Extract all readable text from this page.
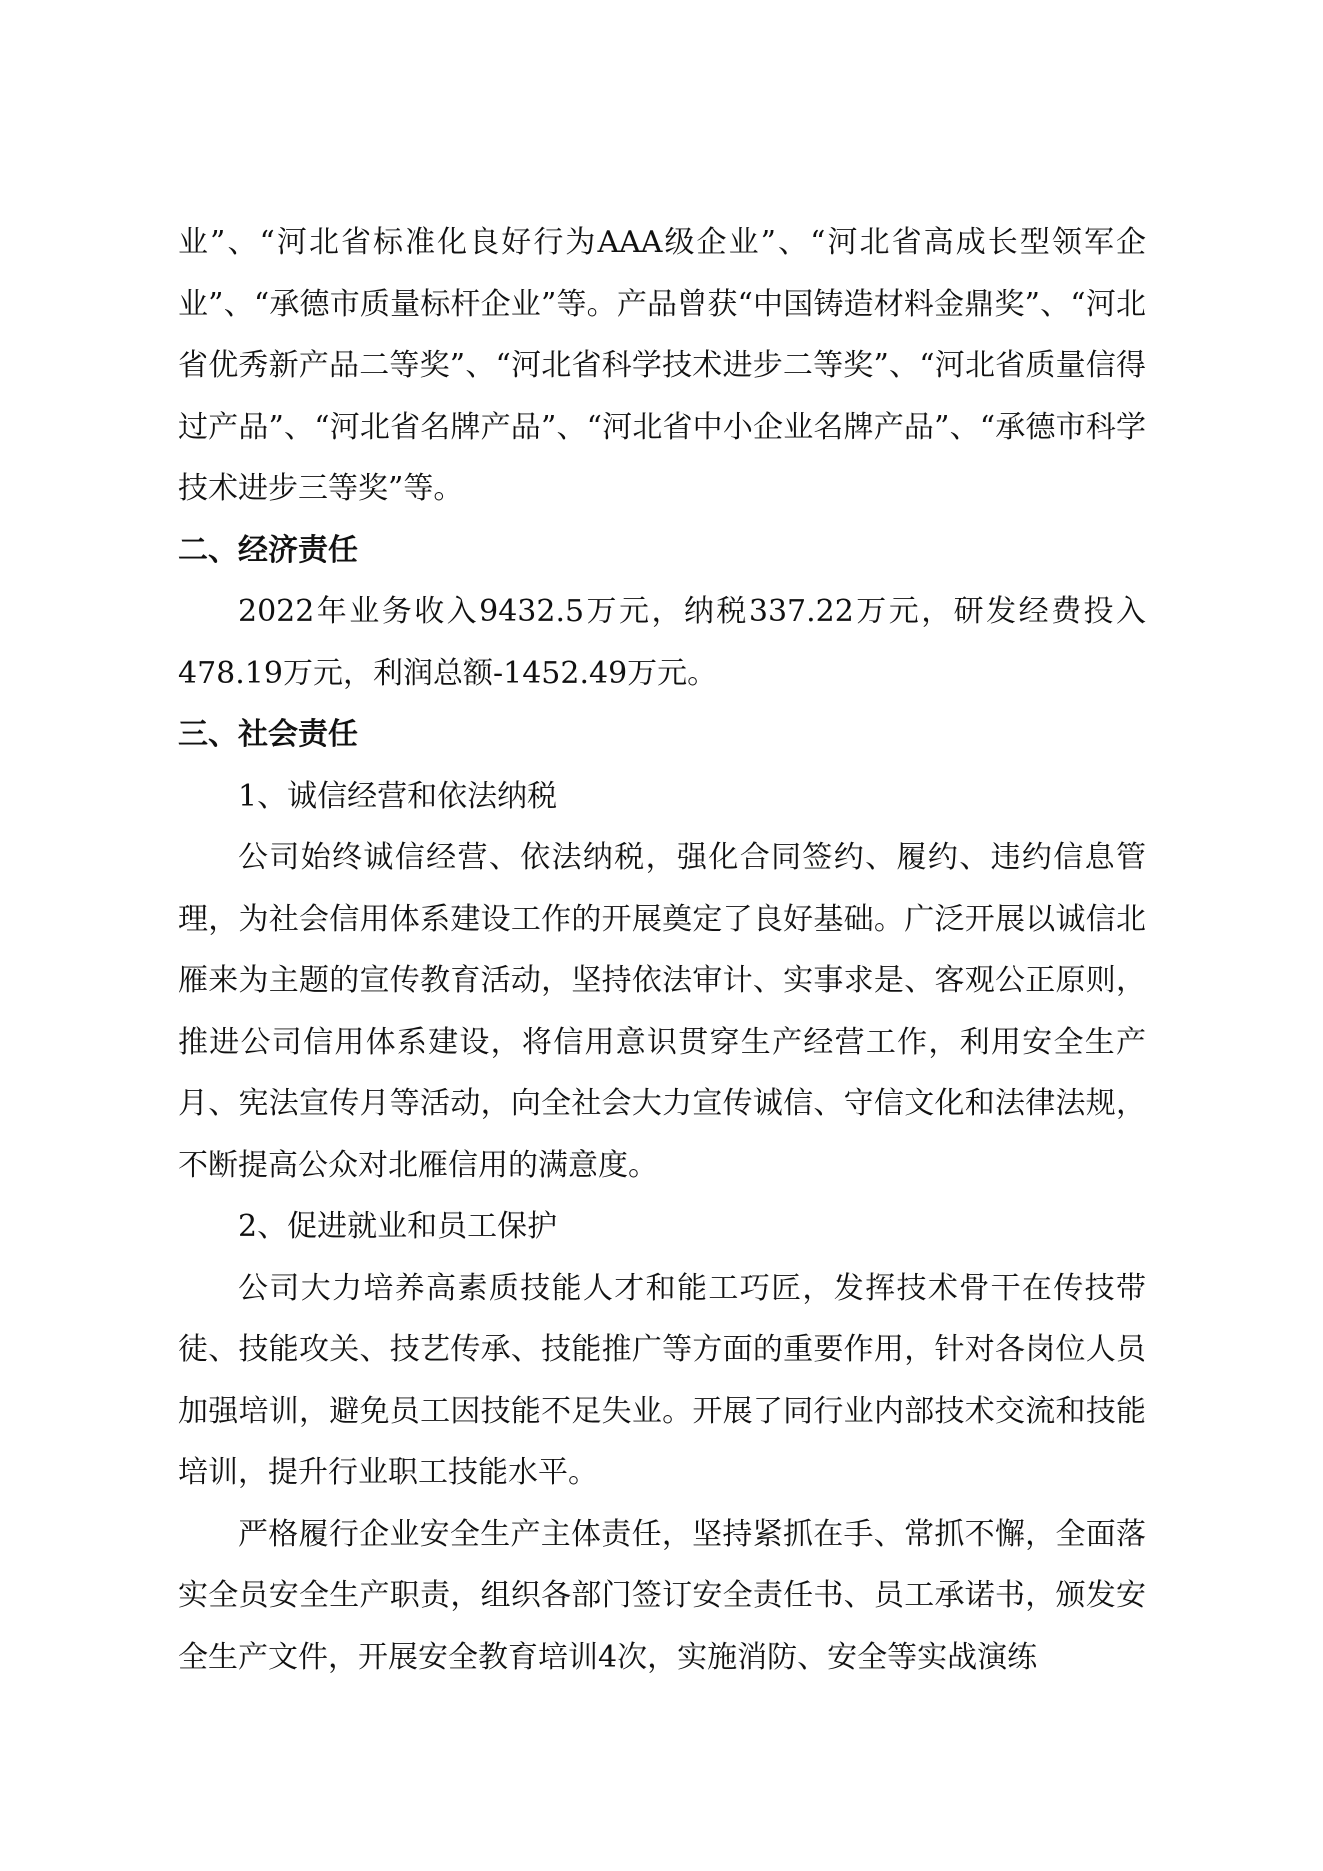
业”、“河北省标准化良好行为AAA级企业”、“河北省高成长型领军企业”、“承德市质量标杆企业”等。产品曾获“中国铸造材料金鼎奖”、“河北省优秀新产品二等奖”、“河北省科学技术进步二等奖”、“河北省质量信得过产品”、“河北省名牌产品”、“河北省中小企业名牌产品”、“承德市科学技术进步三等奖”等。

二、经济责任

2022年业务收入9432.5万元，纳税337.22万元，研发经费投入478.19万元，利润总额-1452.49万元。

三、社会责任

1、诚信经营和依法纳税

公司始终诚信经营、依法纳税，强化合同签约、履约、违约信息管理，为社会信用体系建设工作的开展奠定了良好基础。广泛开展以诚信北雁来为主题的宣传教育活动，坚持依法审计、实事求是、客观公正原则，推进公司信用体系建设，将信用意识贯穿生产经营工作，利用安全生产月、宪法宣传月等活动，向全社会大力宣传诚信、守信文化和法律法规，不断提高公众对北雁信用的满意度。

2、促进就业和员工保护

公司大力培养高素质技能人才和能工巧匠，发挥技术骨干在传技带徒、技能攻关、技艺传承、技能推广等方面的重要作用，针对各岗位人员加强培训，避免员工因技能不足失业。开展了同行业内部技术交流和技能培训，提升行业职工技能水平。

严格履行企业安全生产主体责任，坚持紧抓在手、常抓不懈，全面落实全员安全生产职责，组织各部门签订安全责任书、员工承诺书，颁发安全生产文件，开展安全教育培训4次，实施消防、安全等实战演练
